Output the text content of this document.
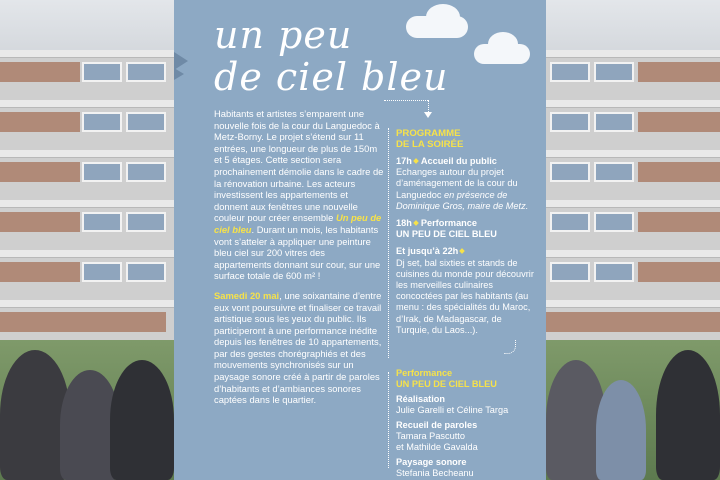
un peu
de ciel bleu

Habitants et artistes s’emparent une nouvelle fois de la cour du Languedoc à Metz-Borny. Le projet s’étend sur 11 entrées, une longueur de plus de 150m et 5 étages. Cette section sera prochainement démolie dans le cadre de la rénovation urbaine. Les acteurs investissent les appartements et donnent aux fenêtres une nouvelle couleur pour créer ensemble Un peu de ciel bleu. Durant un mois, les habitants vont s’atteler à appliquer une peinture bleu ciel sur 200 vitres des appartements donnant sur cour, sur une surface totale de 600 m² !

Samedi 20 mai, une soixantaine d’entre eux vont poursuivre et finaliser ce travail artistique sous les yeux du public. Ils participeront à une performance inédite depuis les fenêtres de 10 appartements, par des gestes chorégraphiés et des mouvements synchronisés sur un paysage sonore créé à partir de paroles d’habitants et d’ambiances sonores captées dans le quartier.

PROGRAMME
DE LA SOIRÉE
17h Accueil du public
Echanges autour du projet d’aménagement de la cour du Languedoc en présence de Dominique Gros, maire de Metz.
18h Performance
UN PEU DE CIEL BLEU
Et jusqu’à 22h
Dj set, bal sixties et stands de cuisines du monde pour découvrir les merveilles culinaires concoctées par les habitants (au menu : des spécialités du Maroc, d’Irak, de Madagascar, de Turquie, du Laos...).
Performance
UN PEU DE CIEL BLEU
Réalisation
Julie Garelli et Céline Targa
Recueil de paroles
Tamara Pascutto
et Mathilde Gavalda
Paysage sonore
Stefania Becheanu
